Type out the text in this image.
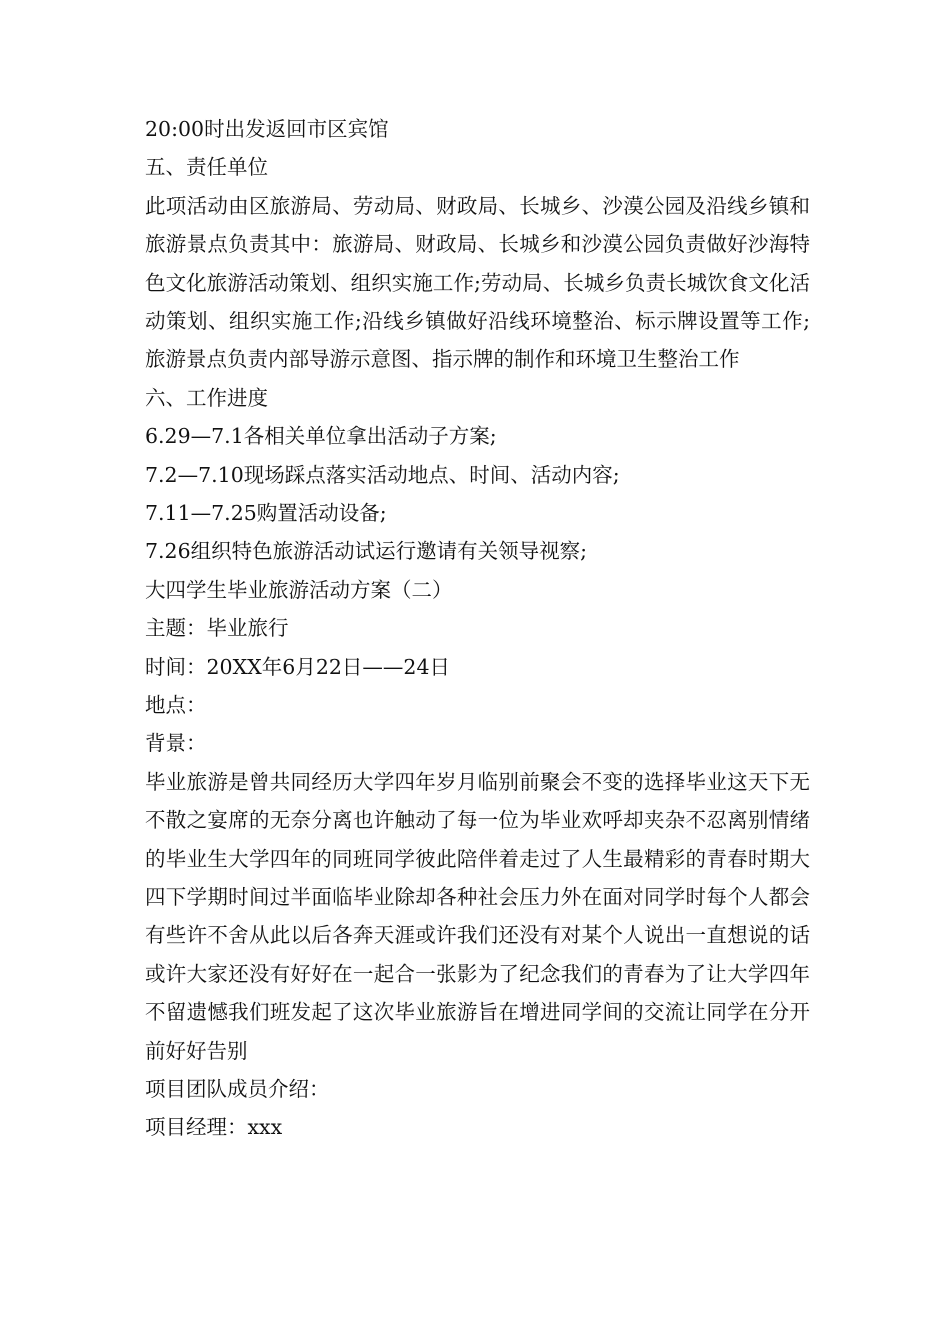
20:00时出发返回市区宾馆
五、责任单位
此项活动由区旅游局、劳动局、财政局、长城乡、沙漠公园及沿线乡镇和旅游景点负责其中：旅游局、财政局、长城乡和沙漠公园负责做好沙海特色文化旅游活动策划、组织实施工作;劳动局、长城乡负责长城饮食文化活动策划、组织实施工作;沿线乡镇做好沿线环境整治、标示牌设置等工作;旅游景点负责内部导游示意图、指示牌的制作和环境卫生整治工作
六、工作进度
6.29—7.1各相关单位拿出活动子方案;
7.2—7.10现场踩点落实活动地点、时间、活动内容;
7.11—7.25购置活动设备;
7.26组织特色旅游活动试运行邀请有关领导视察;
大四学生毕业旅游活动方案（二）
主题：毕业旅行
时间：20XX年6月22日——24日
地点：
背景：
毕业旅游是曾共同经历大学四年岁月临别前聚会不变的选择毕业这天下无不散之宴席的无奈分离也许触动了每一位为毕业欢呼却夹杂不忍离别情绪的毕业生大学四年的同班同学彼此陪伴着走过了人生最精彩的青春时期大四下学期时间过半面临毕业除却各种社会压力外在面对同学时每个人都会有些许不舍从此以后各奔天涯或许我们还没有对某个人说出一直想说的话或许大家还没有好好在一起合一张影为了纪念我们的青春为了让大学四年不留遗憾我们班发起了这次毕业旅游旨在增进同学间的交流让同学在分开前好好告别
项目团队成员介绍：
项目经理：xxx
